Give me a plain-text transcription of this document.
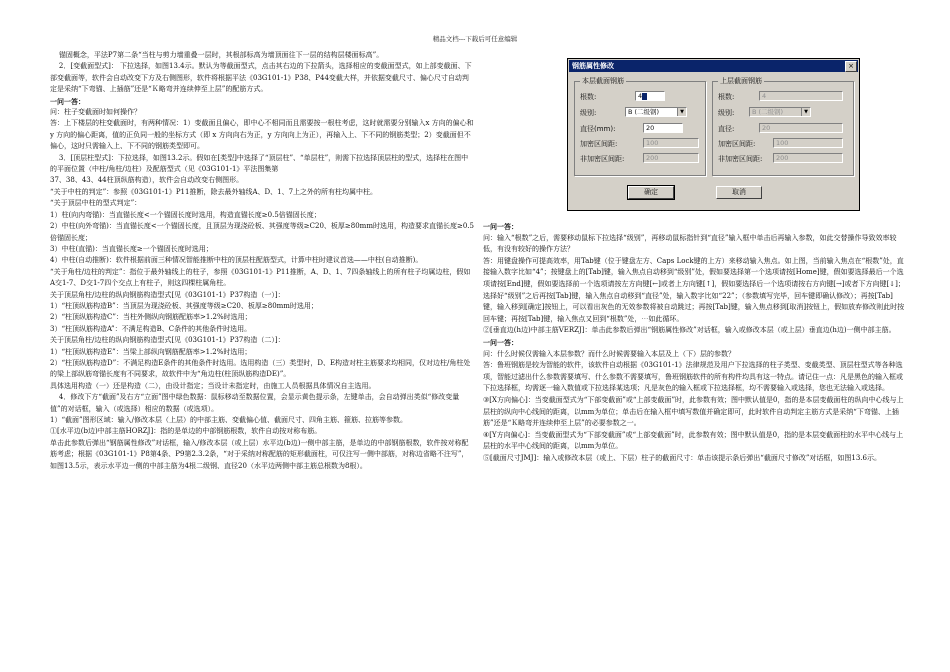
精品文档---下载后可任意编辑

锚固概念，平法P7第二条“当柱与剪力墙重叠一层时，其根部标高为墙顶面往下一层的结构层楼面标高”。

2．[变截面型式]： 下拉选择，如图13.4示。默认为等截面型式，点击其右边的下拉箭头，选择相应的变截面型式，如上部变截面、下部变截面等，软件会自动改变下方及右侧图形，软件将根据平法《03G101-1》P38、P44变截大样，并依据变截尺寸、偏心尺寸自动判定是采纳“下弯锚、上插筋”还是“Ｋ略弯并连续伸至上层”的配筋方式。

一问一答：

问：柱子变截面时如何操作？

答：上下楼层的柱变截面时，有两种情况：1）变截面且偏心，即中心不相同而且需要按一根柱考虑，这时就需要分别输入x 方向的偏心和 y 方向的偏心距离，值的正负同一般的坐标方式（即 x 方向向右为正，y 方向向上为正），再输入上、下不同的钢筋类型；2）变截面但不偏心，这时只需输入上、下不同的钢筋类型即可。

3．[顶层柱型式]：下拉选择，如图13.2示。假如在[类型]中选择了“顶层柱”、“单层柱”，则需下拉选择顶层柱的型式，选择柱在图中的平面位置（中柱/角柱/边柱）及配筋型式（见《03G101-1》平法图集第

37、38、43、44柱顶纵筋构造），软件会自动改变右侧图形。

“关于中柱的判定”：参照《03G101-1》P11推断，除去最外轴线A、D、1、7上之外的所有柱均属中柱。

“关于顶层中柱的型式判定”：

1）柱(向内弯锚)：当直锚长度<一个锚固长度时选用，构造直锚长度≥0.5倍锚固长度；

2）中柱(向外弯锚)：当直锚长度<一个锚固长度，且顶层为现浇砼板、其强度等级≥C20、板厚≥80mm时选用，构造要求直锚长度≥0.5倍锚固长度；

3）中柱(直锚)：当直锚长度≥一个锚固长度时选用；

4）中柱(自动推断)：软件根据前面三种情况智能推断中柱的顶层柱配筋型式，计算中柱时建议首选——中柱(自动推断)。

“关于角柱/边柱的判定”：指位于最外轴线上的柱子，参照《03G101-1》P11推断，A、D、1、7四条轴线上的所有柱子均属边柱，假如A交1-7、D交1-7四个交点上有柱子，则这四棵柱属角柱。

关于顶层角柱/边柱的纵向钢筋构造型式[见《03G101-1》P37构造（一）]：

1）“柱顶纵筋构造B”：当顶层为现浇砼板、其强度等级≥C20、板厚≥80mm时选用；

2）“柱顶纵筋构造C”：当柱外侧纵向钢筋配筋率>1.2%时选用；

3）“柱顶纵筋构造A”：不满足构造B、C条件的其他条件时选用。

关于顶层角柱/边柱的纵向钢筋构造型式[见《03G101-1》P37构造（二）]：

1）“柱顶纵筋构造E”：当梁上部纵向钢筋配筋率>1.2%时选用；

2）“柱顶纵筋构造D”：不满足构造E条件的其他条件时选用。选用构造（三）类型时，D、E构造对柱主筋要求均相同，仅对边柱/角柱处的梁上部纵筋弯锚长度有不同要求，故软件中为“角边柱(柱顶纵筋构造DE)”。

具体选用构造（一）还是构造（二），由设计指定；当设计未指定时，由施工人员根据具体情况自主选用。

4．修改下方“截面”及右方“立面”图中绿色数据：鼠标移动至数据位置，会显示黄色提示条，左键单击，会自动弹出类似“修改变量值”的对话框，输入（或选择）相应的数据（或选项）。

1）“截面”图形区域：输入/修改本层（上层）的中部主筋、变截偏心值、截面尺寸、四角主筋、箍筋、拉筋等参数。

①[水平边(b边)中部主筋HORZJ]：指的是单边的中部钢筋根数，软件自动按对称布筋。

单击此参数后弹出“钢筋属性修改”对话框，输入/修改本层（或上层）水平边(b边)一侧中部主筋，是单边的中部钢筋根数，软件按对称配筋考虑；根据《03G101-1》P8第4条、P9第2.3.2条，“对于采纳对称配筋的矩形截面柱，可仅注写一侧中部筋，对称边省略不注写”，如图13.5示，表示水平边一侧的中部主筋为4根二级钢、直径20（水平边两侧中部主筋总根数为8根）。

钢筋属性修改	×
本层截面钢筋
根数:	4
级别:	B (二级钢)	▼
直径(mm):	20
加密区间距:	100
非加密区间距:	200
上层截面钢筋
根数:	4
级别:	B (二级钢)	▼
直径:	20
加密区间距:	100
非加密区间距:	200
确定	取消

一问一答：

问：输入“根数”之后，需要移动鼠标下拉选择“级别”，再移动鼠标指针到“直径”输入框中单击后再输入参数，如此交替操作导致效率较低，有没有较好的操作方法？

答：用键盘操作可提高效率，用Tab键（位于键盘左方、Caps Lock键的上方）来移动输入焦点。如上图，当前输入焦点在“根数”处，直接输入数字比如“4”；按键盘上的[Tab]键，输入焦点自动移到“级别”处，假如要选择第一个选项请按[Home]键，假如要选择最后一个选项请按[End]键，假如要选择前一个选项请按左方向键[←]或者上方向键[↑]，假如要选择后一个选项请按右方向键[→]或者下方向键[↓]；选择好“级别”之后再按[Tab]键，输入焦点自动移到“直径”处，输入数字比如“22”；（参数填写完毕，回车键即确认修改）；再按[Tab]键，输入移到[确定]按钮上，可以看出灰色的无效参数将被自动跳过；再按[Tab]键，输入焦点移到[取消]按钮上，假如放弃修改则此时按回车键；再按[Tab]键，输入焦点又回到“根数”处，⋯如此循环。

②[垂直边(h边)中部主筋VERZJ]：单击此参数后弹出“钢筋属性修改”对话框，输入或修改本层（或上层）垂直边(h边)一侧中部主筋。

一问一答：

问：什么时候仅需输入本层参数？而什么时候需要输入本层及上（下）层的参数？

答：鲁班钢筋是较为智能的软件，该软件自动根据《03G101-1》法律规范及用户下拉选择的柱子类型、变截类型、顶层柱型式等各种选项，智能过滤出什么参数需要填写、什么参数不需要填写，鲁班钢筋软件的所有构件均具有这一特点。请记住一点：凡是黑色的输入框或下拉选择框，均需逐一输入数值或下拉选择某选项；凡是灰色的输入框或下拉选择框，均不需要输入或选择，您也无法输入或选择。

③[X方向偏心]：当变截面型式为“下部变截面”或“上部变截面”时，此参数有效；图中默认值是0，指的是本层变截面柱的纵向中心线与上层柱的纵向中心线间的距离，以mm为单位；单击后在输入框中填写数值并确定即可，此时软件自动判定主筋方式是采纳“下弯锚、上插筋”还是“Ｋ略弯并连续伸至上层”的必要参数之一。

④[Y方向偏心]：当变截面型式为“下部变截面”或“上部变截面”时，此参数有效；图中默认值是0，指的是本层变截面柱的水平中心线与上层柱的水平中心线间的距离，以mm为单位。

⑤[截面尺寸JMJ]：输入或修改本层（或上、下层）柱子的截面尺寸：单击该提示条后弹出“截面尺寸修改”对话框，如图13.6示。
